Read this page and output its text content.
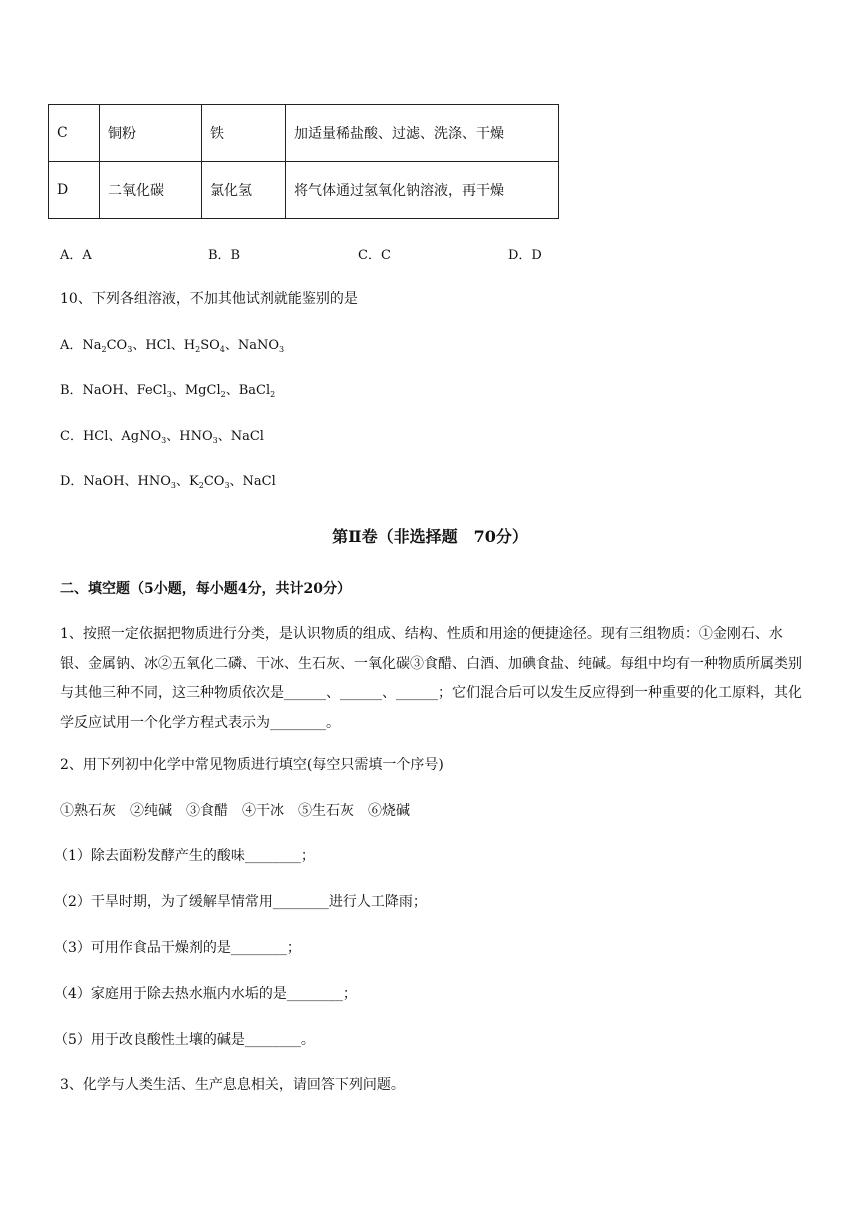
C	铜粉	铁	加适量稀盐酸、过滤、洗涤、干燥
D	二氧化碳	氯化氢	将气体通过氢氧化钠溶液，再干燥
A．A	B．B	C．C	D．D
10、下列各组溶液，不加其他试剂就能鉴别的是
A．$Na_2CO_3$、HCl、$H_2SO_4$、NaNO$_3$
B．NaOH、FeCl$_3$、MgCl$_2$、BaCl$_2$
C．HCl、AgNO$_3$、$HNO_3$、NaCl
D．NaOH、$HNO_3$、$K_2CO_3$、NaCl
第Ⅱ卷（非选择题　70分）
二、填空题（5小题，每小题4分，共计20分）
1、按照一定依据把物质进行分类，是认识物质的组成、结构、性质和用途的便捷途径。现有三组物质：①金刚石、水银、金属钠、冰②五氧化二磷、干冰、生石灰、一氧化碳③食醋、白酒、加碘食盐、纯碱。每组中均有一种物质所属类别与其他三种不同，这三种物质依次是______、______、______；它们混合后可以发生反应得到一种重要的化工原料，其化学反应试用一个化学方程式表示为________。
2、用下列初中化学中常见物质进行填空(每空只需填一个序号)
①熟石灰　②纯碱　③食醋　④干冰　⑤生石灰　⑥烧碱
（1）除去面粉发酵产生的酸味________；
（2）干旱时期，为了缓解旱情常用________进行人工降雨；
（3）可用作食品干燥剂的是________；
（4）家庭用于除去热水瓶内水垢的是________；
（5）用于改良酸性土壤的碱是________。
3、化学与人类生活、生产息息相关，请回答下列问题。
